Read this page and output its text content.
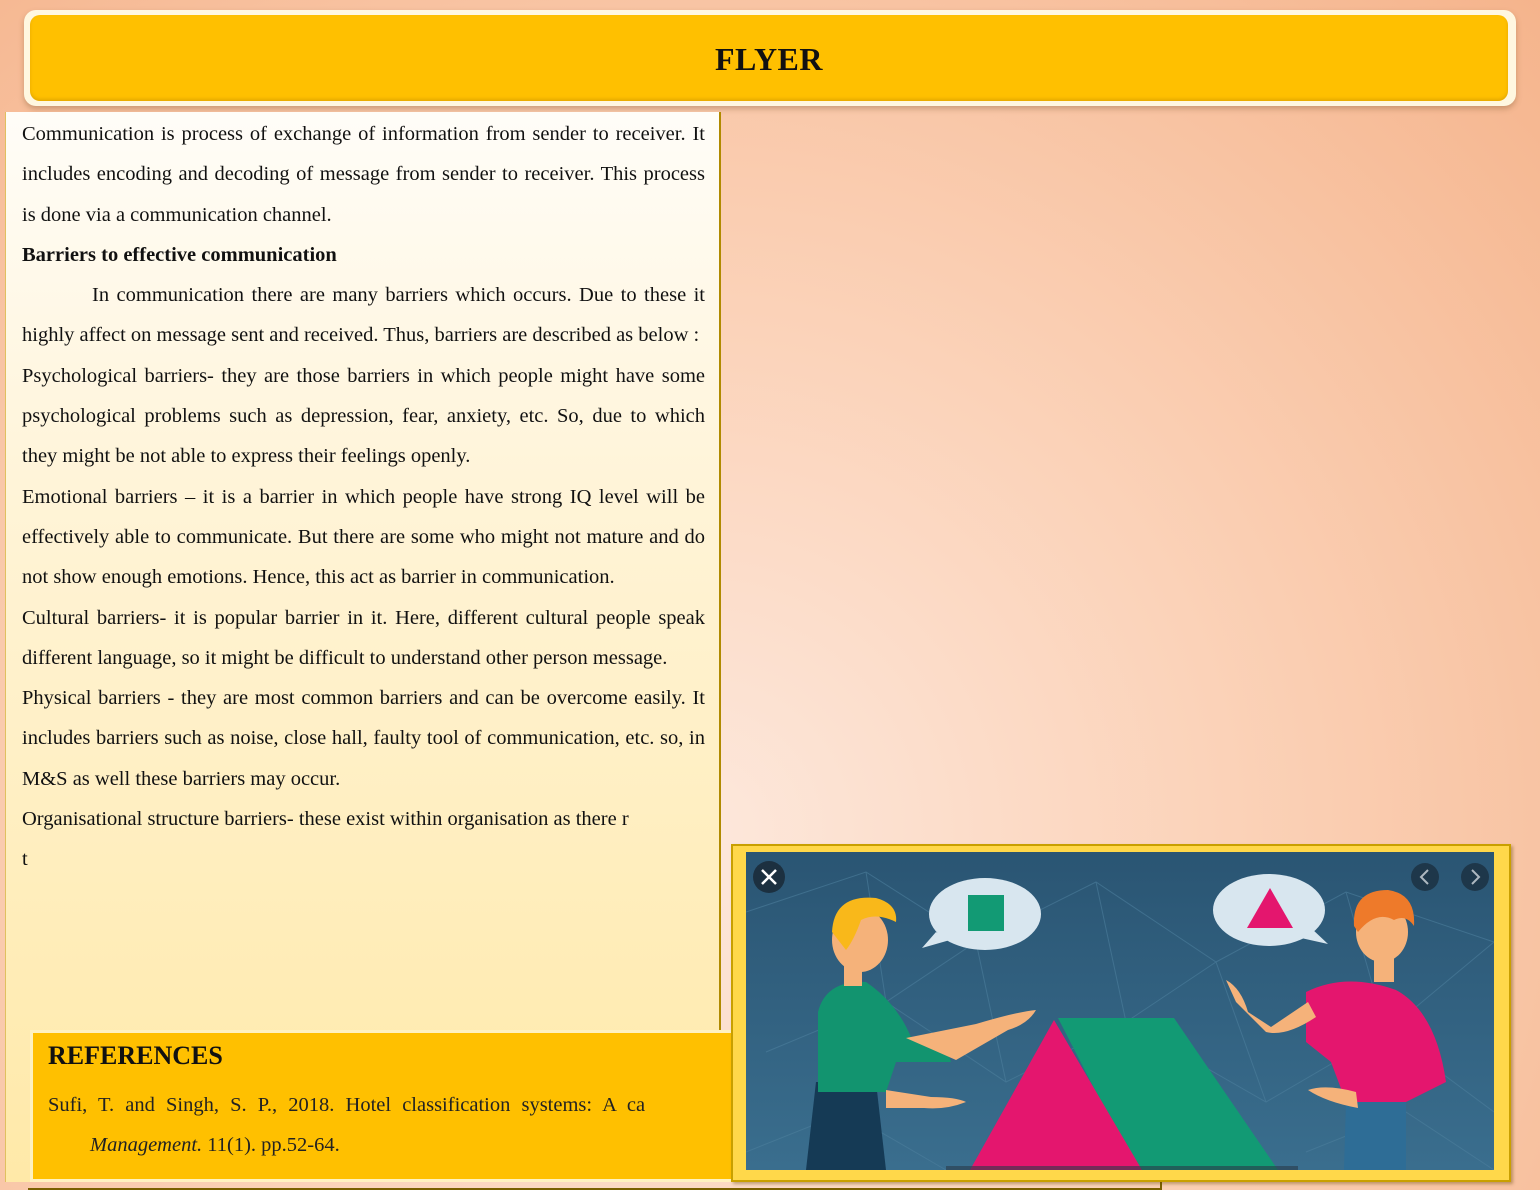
FLYER

Communication is process of exchange of information from sender to receiver. It includes encoding and decoding of message from sender to receiver. This process is done via a communication channel.

Barriers to effective communication

In communication there are many barriers which occurs. Due to these it highly affect on message sent and received. Thus, barriers are described as below :

Psychological barriers- they are those barriers in which people might have some psychological problems such as depression, fear, anxiety, etc. So, due to which they might be not able to express their feelings openly.

Emotional barriers – it is a barrier in which people have strong IQ level will be effectively able to communicate. But there are some who might not mature and do not show enough emotions. Hence, this act as barrier in communication.

Cultural barriers- it is popular barrier in it. Here, different cultural people speak different language, so it might be difficult to understand other person message.

Physical barriers - they are most common barriers and can be overcome easily. It includes barriers such as noise, close hall, faulty tool of communication, etc. so, in M&S as well these barriers may occur.

Organisational structure barriers- these exist within organisation as there r

t

REFERENCES
Sufi, T. and Singh, S. P., 2018. Hotel classification systems: A ca
Management. 11(1). pp.52-64.
